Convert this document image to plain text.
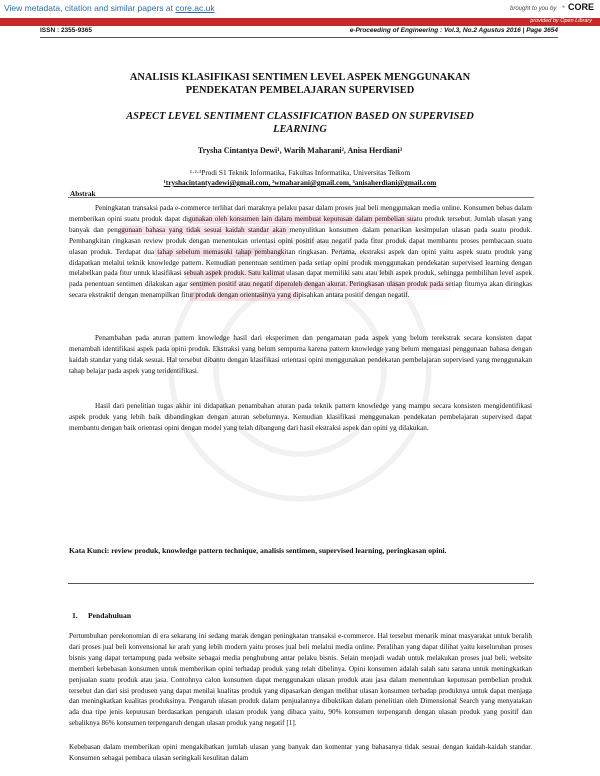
View metadata, citation and similar papers at core.ac.uk	brought to you by ◔ CORE
provided by Open Library
ISSN : 2355-9365	e-Proceeding of Engineering : Vol.3, No.2 Agustus 2016 | Page 3654
ANALISIS KLASIFIKASI SENTIMEN LEVEL ASPEK MENGGUNAKAN
PENDEKATAN PEMBELAJARAN SUPERVISED
ASPECT LEVEL SENTIMENT CLASSIFICATION BASED ON SUPERVISED
LEARNING
Trysha Cintantya Dewi¹, Warih Maharani², Anisa Herdiani³
¹·²·³Prodi S1 Teknik Informatika, Fakultas Informatika, Universitas Telkom
¹tryshacintantyadewi@gmail.com, ²wmaharani@gmail.com, ³anisaherdiani@gmail.com
Abstrak

Peningkatan transaksi pada e-commerce terlihat dari maraknya pelaku pasar dalam proses jual beli menggunakan media online. Konsumen bebas dalam memberikan opini suatu produk dapat digunakan oleh konsumen lain dalam membuat keputusan dalam pembelian suatu produk tersebut. Jumlah ulasan yang banyak dan penggunaan bahasa yang tidak sesuai kaidah standar akan menyulitkan konsumen dalam penarikan kesimpulan ulasan pada suatu produk. Pembangkitan ringkasan review produk dengan menentukan orientasi opini positif atau negatif pada fitur produk dapat membantu proses pembacaan suatu ulasan produk. Terdapat dua tahap sebelum memasuki tahap pembangkitan ringkasan. Pertama, ekstraksi aspek dan opini yaitu aspek suatu produk yang didapatkan melalui teknik knowledge pattern. Kemudian penentuan sentimen pada setiap opini produk menggunakan pendekatan supervised learning dengan melabelkan pada fitur untuk klasifikasi sebuah aspek produk. Satu kalimat ulasan dapat memiliki satu atau lebih aspek produk, sehingga pembilihan level aspek pada penentuan sentimen dilakukan agar sentimen positif atau negatif diperoleh dengan akurat. Peringkasan ulasan produk pada setiap fiturnya akan diringkas secara ekstraktif dengan menampilkan fitur produk dengan orientasinya yang dipisahkan antara positif dengan negatif.

Penambahan pada aturan pattern knowledge hasil dari eksperimen dan pengamatan pada aspek yang belum terekstrak secara konsisten dapat menambah identifikasi aspek pada opini produk. Ekstraksi yang belum sempurna karena pattern knowledge yang belum mengatasi penggunaan bahasa dengan kaidah standar yang tidak sesuai. Hal tersebut dibantu dengan klasifikasi orientasi opini menggunakan pendekatan pembelajaran supervised yang menggunakan tahap belajar pada aspek yang teridentifikasi.

Hasil dari penelitian tugas akhir ini didapatkan penambahan aturan pada teknik pattern knowledge yang mampu secara konsisten mengidentifikasi aspek produk yang lebih baik dibandingkan dengan aturan sebelumnya. Kemudian klasifikasi menggunakan pendekatan pembelajaran supervised dapat membantu dengan baik orientasi opini dengan model yang telah dibangung dari hasil ekstraksi aspek dan opini yg dilakukan.

Kata Kunci: review produk, knowledge pattern technique, analisis sentimen, supervised learning, peringkasan opini.
1. Pendahuluan

Pertumbuhan perekonomian di era sekarang ini sedang marak dengan peningkatan transaksi e-commerce. Hal tersebut menarik minat masyarakat untuk beralih dari proses jual beli konvensional ke arah yang lebih modern yaitu proses jual beli melalui media online. Peralihan yang dapat dilihat yaitu keseluruhan proses bisnis yang dapat tertampung pada website sebagai media penghubung antar pelaku bisnis. Selain menjadi wadah untuk melakukan proses jual beli, website memberi kebebasan konsumen untuk memberikan opini terhadap produk yang telah dibelinya. Opini konsumen adalah salah satu sarana untuk meningkatkan penjualan suatu produk atau jasa. Contohnya calon konsumen dapat menggunakan ulasan produk atau jasa dalam menentukan keputusan pembelian produk tersebut dan dari sisi produsen yang dapat menilai kualitas produk yang dipasarkan dengan melihat ulasan konsumen terhadap produknya untuk dapat menjaga dan meningkatkan kualitas produksinya. Pengaruh ulasan produk dalam penjualannya dibuktikan dalam penelitian oleh Dimensional Search yang menyatakan ada dua tipe jenis keputusan berdasarkan pengaruh ulasan produk yang dibaca yaitu, 90% konsumen terpengaruh dengan ulasan produk yang positif dan sebaliknya 86% konsumen terpengaruh dengan ulasan produk yang negatif [1].

Kebebasan dalam memberikan opini mengakibatkan jumlah ulasan yang banyak dan komentar yang bahasanya tidak sesuai dengan kaidah-kaidah standar. Konsumen sebagai pembaca ulasan seringkali kesulitan dalam
